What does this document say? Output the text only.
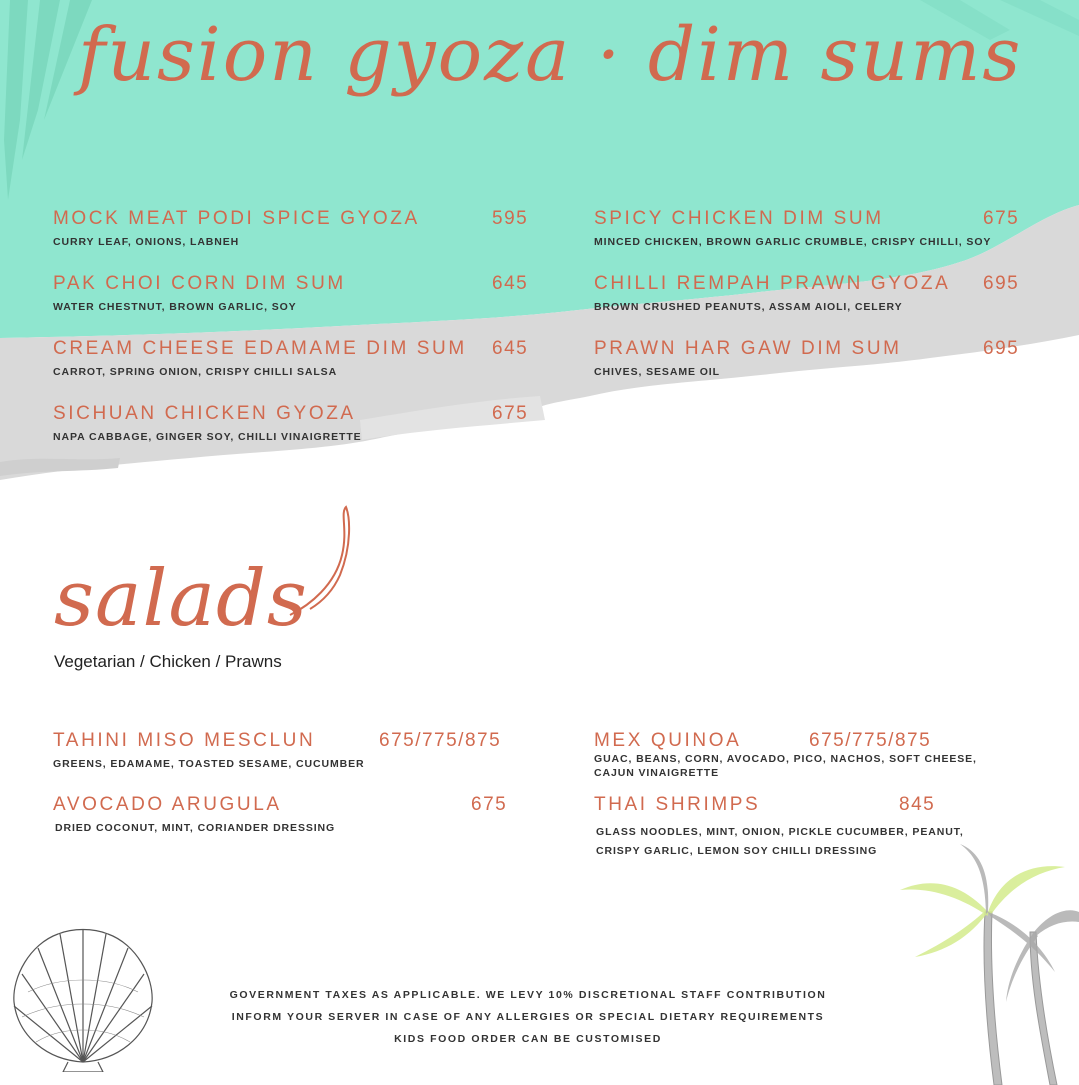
fusion gyoza · dim sums
MOCK MEAT PODI SPICE GYOZA	595
CURRY LEAF, ONIONS, LABNEH
PAK CHOI CORN DIM SUM	645
WATER CHESTNUT, BROWN GARLIC, SOY
CREAM CHEESE EDAMAME DIM SUM 645
CARROT, SPRING ONION, CRISPY CHILLI SALSA
SICHUAN CHICKEN GYOZA	675
NAPA CABBAGE, GINGER SOY, CHILLI VINAIGRETTE
SPICY CHICKEN DIM SUM	675
MINCED CHICKEN, BROWN GARLIC CRUMBLE, CRISPY CHILLI, SOY
CHILLI REMPAH PRAWN GYOZA 695
BROWN CRUSHED PEANUTS, ASSAM AIOLI, CELERY
PRAWN HAR GAW DIM SUM	695
CHIVES, SESAME OIL
salads
Vegetarian / Chicken / Prawns
TAHINI MISO MESCLUN	675/775/875
GREENS, EDAMAME, TOASTED SESAME, CUCUMBER
AVOCADO ARUGULA	675
DRIED COCONUT, MINT, CORIANDER DRESSING
MEX QUINOA	675/775/875
GUAC, BEANS, CORN, AVOCADO, PICO, NACHOS, SOFT CHEESE,
CAJUN VINAIGRETTE
THAI SHRIMPS	845
GLASS NOODLES, MINT, ONION, PICKLE CUCUMBER, PEANUT,
CRISPY GARLIC, LEMON SOY CHILLI DRESSING
GOVERNMENT TAXES AS APPLICABLE. WE LEVY 10% DISCRETIONAL STAFF CONTRIBUTION
INFORM YOUR SERVER IN CASE OF ANY ALLERGIES OR SPECIAL DIETARY REQUIREMENTS
KIDS FOOD ORDER CAN BE CUSTOMISED
